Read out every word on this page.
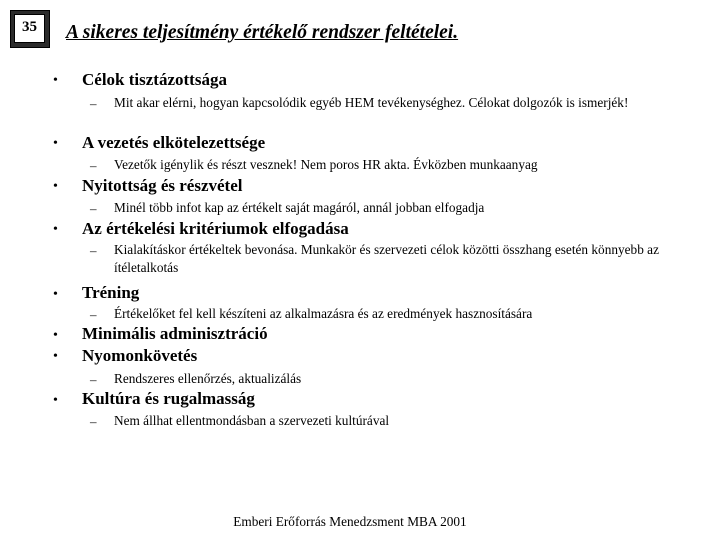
35	A sikeres teljesítmény értékelő rendszer feltételei.
• Célok tisztázottsága
– Mit akar elérni, hogyan kapcsolódik egyéb HEM tevékenységhez. Célokat dolgozók is ismerjék!
• A vezetés elkötelezettsége
– Vezetők igénylik és részt vesznek! Nem poros HR akta. Évközben munkaanyag
• Nyitottság és részvétel
– Minél több infot kap az értékelt saját magáról, annál jobban elfogadja
• Az értékelési kritériumok elfogadása
– Kialakításkor értékeltek bevonása. Munkakör és szervezeti célok közötti összhang esetén könnyebb az ítéletalkotás
• Tréning
– Értékelőket fel kell készíteni az alkalmazásra és az eredmények hasznosítására
• Minimális adminisztráció
• Nyomonkövetés
– Rendszeres ellenőrzés, aktualizálás
• Kultúra és rugalmasság
– Nem állhat ellentmondásban a szervezeti kultúrával
Emberi Erőforrás Menedzsment MBA 2001
